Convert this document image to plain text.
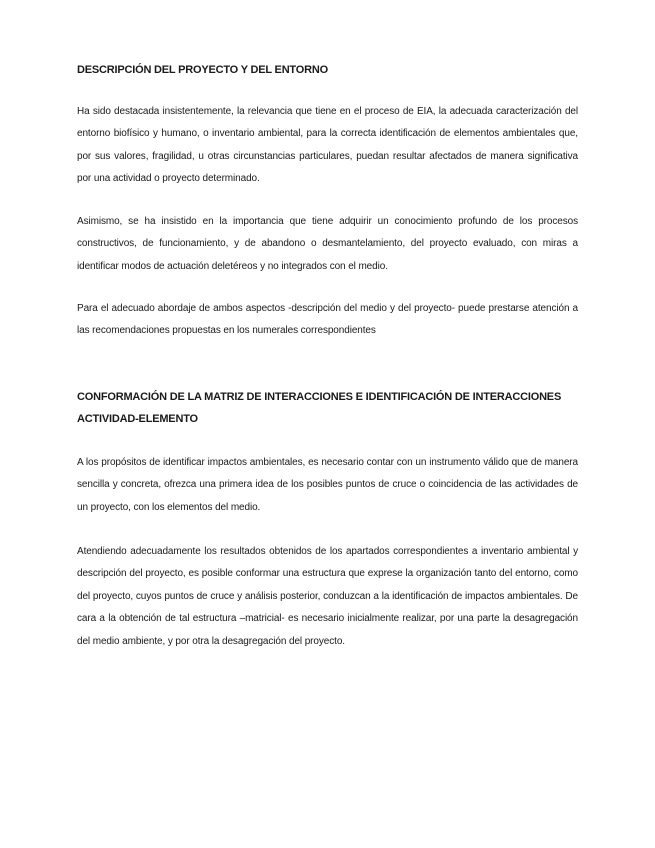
DESCRIPCIÓN DEL PROYECTO Y DEL ENTORNO

Ha sido destacada insistentemente, la relevancia que tiene en el proceso de EIA, la adecuada caracterización del entorno biofísico y humano, o inventario ambiental, para la correcta identificación de elementos ambientales que, por sus valores, fragilidad, u otras circunstancias particulares, puedan resultar afectados de manera significativa por una actividad o proyecto determinado.

Asimismo, se ha insistido en la importancia que tiene adquirir un conocimiento profundo de los procesos constructivos, de funcionamiento, y de abandono o desmantelamiento, del proyecto evaluado, con miras a identificar modos de actuación deletéreos y no integrados con el medio.

Para el adecuado abordaje de ambos aspectos -descripción del medio y del proyecto- puede prestarse atención a las recomendaciones propuestas en los numerales correspondientes

CONFORMACIÓN DE LA MATRIZ DE INTERACCIONES E IDENTIFICACIÓN DE INTERACCIONES ACTIVIDAD-ELEMENTO

A los propósitos de identificar impactos ambientales, es necesario contar con un instrumento válido que de manera sencilla y concreta, ofrezca una primera idea de los posibles puntos de cruce o coincidencia de las actividades de un proyecto, con los elementos del medio.

Atendiendo adecuadamente los resultados obtenidos de los apartados correspondientes a inventario ambiental y descripción del proyecto, es posible conformar una estructura que exprese la organización tanto del entorno, como del proyecto, cuyos puntos de cruce y análisis posterior, conduzcan a la identificación de impactos ambientales. De cara a la obtención de tal estructura –matricial- es necesario inicialmente realizar, por una parte la desagregación del medio ambiente, y por otra la desagregación del proyecto.
